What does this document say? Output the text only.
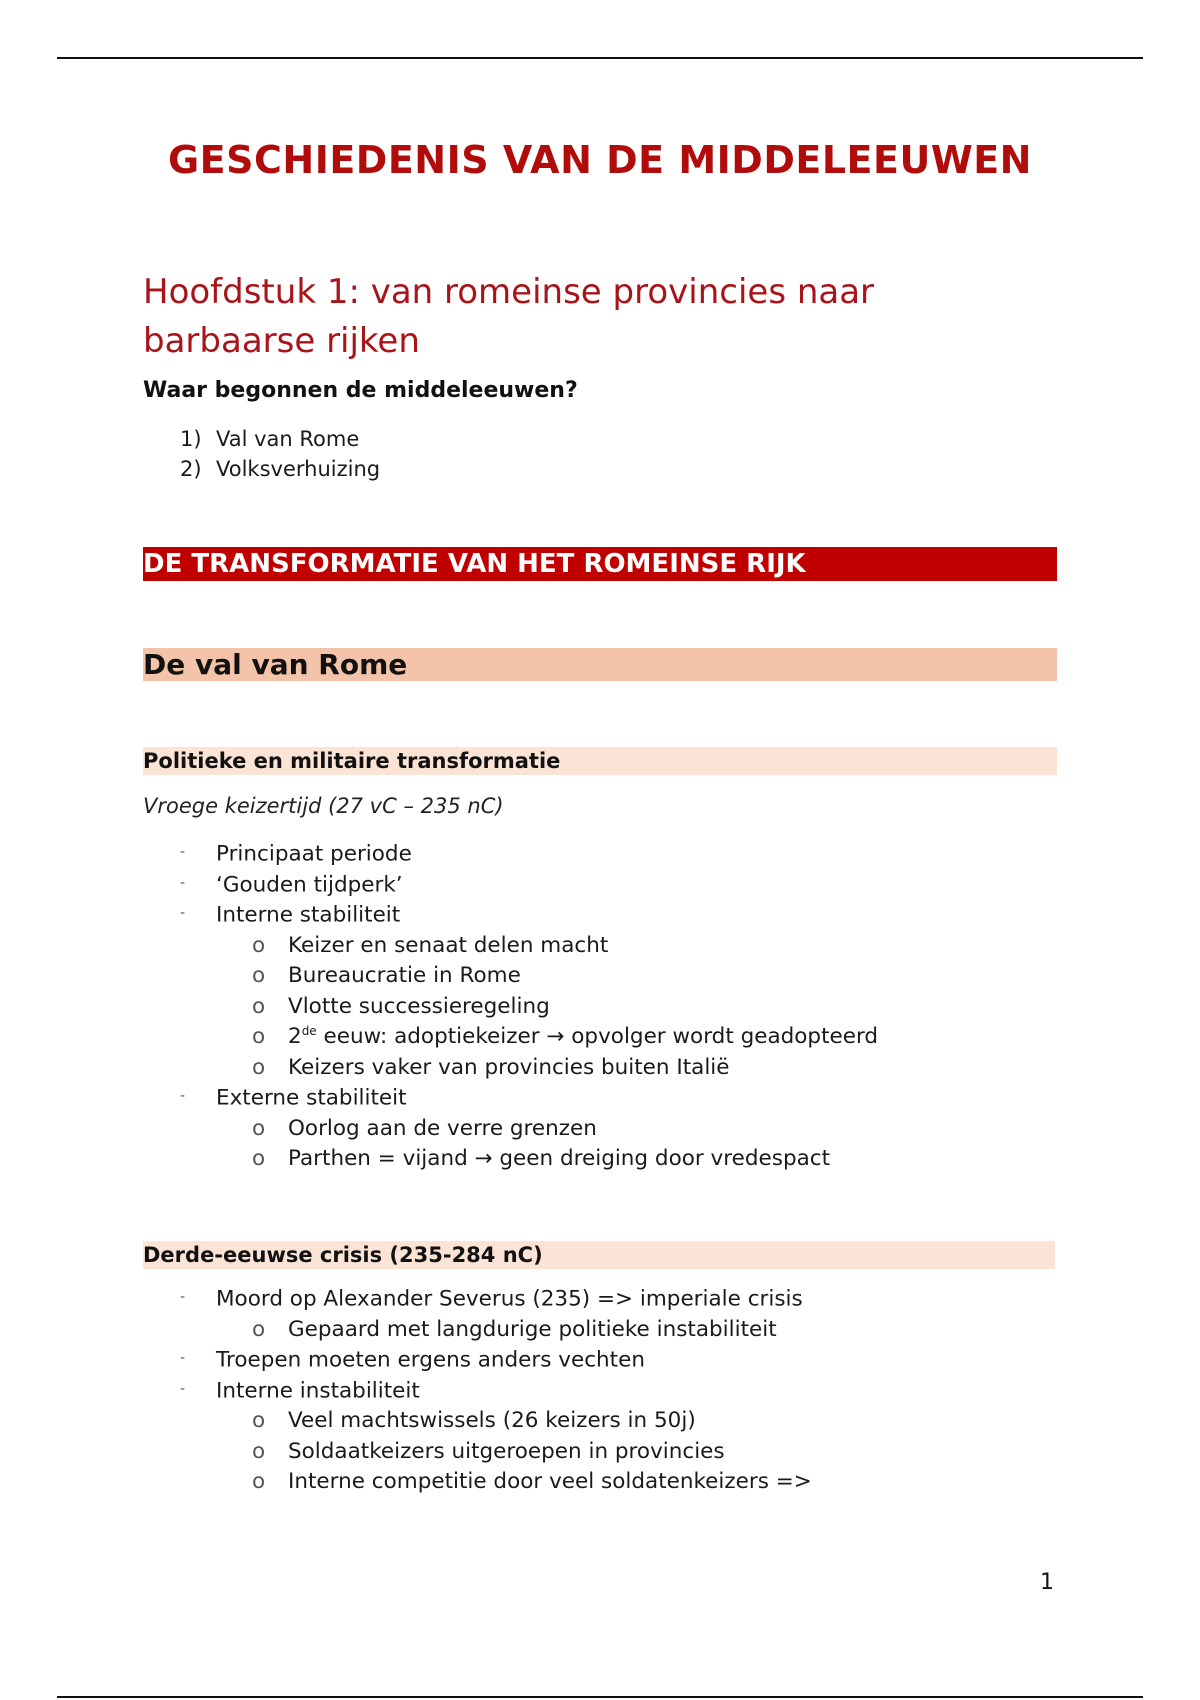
GESCHIEDENIS VAN DE MIDDELEEUWEN
Hoofdstuk 1: van romeinse provincies naar barbaarse rijken

Waar begonnen de middeleeuwen?

1) Val van Rome
2) Volksverhuizing
DE TRANSFORMATIE VAN HET ROMEINSE RIJK
De val van Rome
Politieke en militaire transformatie

Vroege keizertijd (27 vC – 235 nC)

- Principaat periode
- ‘Gouden tijdperk’
- Interne stabiliteit
o Keizer en senaat delen macht
o Bureaucratie in Rome
o Vlotte successieregeling
o 2de eeuw: adoptiekeizer → opvolger wordt geadopteerd
o Keizers vaker van provincies buiten Italië
- Externe stabiliteit
o Oorlog aan de verre grenzen
o Parthen = vijand → geen dreiging door vredespact
Derde-eeuwse crisis (235-284 nC)
- Moord op Alexander Severus (235) => imperiale crisis
o Gepaard met langdurige politieke instabiliteit
- Troepen moeten ergens anders vechten
- Interne instabiliteit
o Veel machtswissels (26 keizers in 50j)
o Soldaatkeizers uitgeroepen in provincies
o Interne competitie door veel soldatenkeizers =>

1
